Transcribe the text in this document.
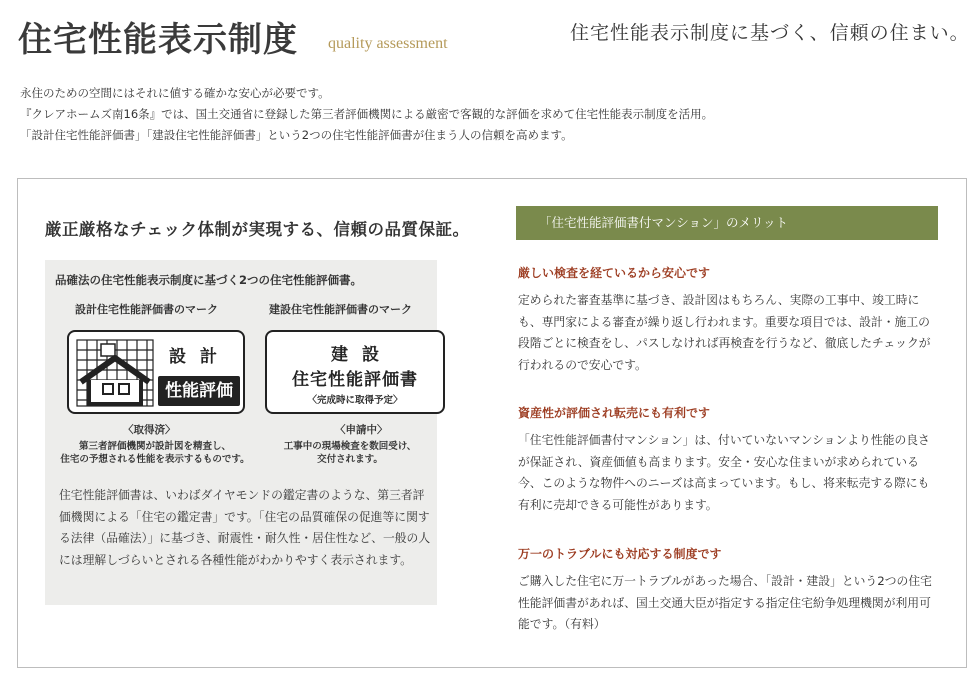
住宅性能表示制度 quality assessment	住宅性能表示制度に基づく、信頼の住まい。

永住のための空間にはそれに値する確かな安心が必要です。

『クレアホームズ南16条』では、国土交通省に登録した第三者評価機関による厳密で客観的な評価を求めて住宅性能表示制度を活用。

「設計住宅性能評価書」「建設住宅性能評価書」という2つの住宅性能評価書が住まう人の信頼を高めます。

厳正厳格なチェック体制が実現する、信頼の品質保証。
品確法の住宅性能表示制度に基づく2つの住宅性能評価書。
設計住宅性能評価書のマーク	建設住宅性能評価書のマーク
設計
性能評価
建設
住宅性能評価書
〈完成時に取得予定〉
〈取得済〉	〈申請中〉
第三者評価機関が設計図を精査し、
住宅の予想される性能を表示するものです。
工事中の現場検査を数回受け、
交付されます。

住宅性能評価書は、いわばダイヤモンドの鑑定書のような、第三者評価機関による「住宅の鑑定書」です。「住宅の品質確保の促進等に関する法律（品確法）」に基づき、耐震性・耐久性・居住性など、一般の人には理解しづらいとされる各種性能がわかりやすく表示されます。

「住宅性能評価書付マンション」のメリット
厳しい検査を経ているから安心です

定められた審査基準に基づき、設計図はもちろん、実際の工事中、竣工時にも、専門家による審査が繰り返し行われます。重要な項目では、設計・施工の段階ごとに検査をし、パスしなければ再検査を行うなど、徹底したチェックが行われるので安心です。

資産性が評価され転売にも有利です

「住宅性能評価書付マンション」は、付いていないマンションより性能の良さが保証され、資産価値も高まります。安全・安心な住まいが求められている今、このような物件へのニーズは高まっています。もし、将来転売する際にも有利に売却できる可能性があります。

万一のトラブルにも対応する制度です

ご購入した住宅に万一トラブルがあった場合、「設計・建設」という2つの住宅性能評価書があれば、国土交通大臣が指定する指定住宅紛争処理機関が利用可能です。（有料）
